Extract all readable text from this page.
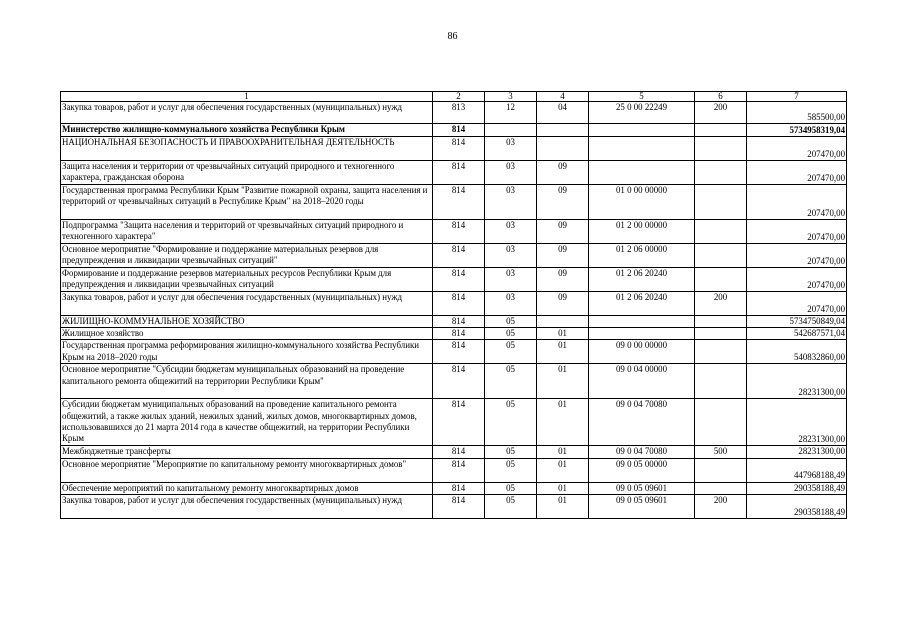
86
1	2	3	4	5	6	7
Закупка товаров, работ и услуг для обеспечения государственных (муниципальных) нужд	813	12	04	25 0 00 22249	200	585500,00
Министерство жилищно-коммунального хозяйства Республики Крым	814					5734958319,04
НАЦИОНАЛЬНАЯ БЕЗОПАСНОСТЬ И ПРАВООХРАНИТЕЛЬНАЯ ДЕЯТЕЛЬНОСТЬ	814	03				207470,00
Защита населения и территории от чрезвычайных ситуаций природного и техногенного характера, гражданская оборона	814	03	09			207470,00
Государственная программа Республики Крым "Развитие пожарной охраны, защита населения и территорий от чрезвычайных ситуаций в Республике Крым" на 2018–2020 годы	814	03	09	01 0 00 00000		207470,00
Подпрограмма "Защита населения и территорий от чрезвычайных ситуаций природного и техногенного характера"	814	03	09	01 2 00 00000		207470,00
Основное мероприятие "Формирование и поддержание материальных резервов для предупреждения и ликвидации чрезвычайных ситуаций"	814	03	09	01 2 06 00000		207470,00
Формирование и поддержание резервов материальных ресурсов Республики Крым для предупреждения и ликвидации чрезвычайных ситуаций	814	03	09	01 2 06 20240		207470,00
Закупка товаров, работ и услуг для обеспечения государственных (муниципальных) нужд	814	03	09	01 2 06 20240	200	207470,00
ЖИЛИЩНО-КОММУНАЛЬНОЕ ХОЗЯЙСТВО	814	05				5734750849,04
Жилищное хозяйство	814	05	01			542687571,04
Государственная программа реформирования жилищно-коммунального хозяйства Республики Крым на 2018–2020 годы	814	05	01	09 0 00 00000		540832860,00
Основное мероприятие "Субсидии бюджетам муниципальных образований на проведение капитального ремонта общежитий на территории Республики Крым"	814	05	01	09 0 04 00000		28231300,00
Субсидии бюджетам муниципальных образований на проведение капитального ремонта общежитий, а также жилых зданий, нежилых зданий, жилых домов, многоквартирных домов, использовавшихся до 21 марта 2014 года в качестве общежитий, на территории Республики Крым	814	05	01	09 0 04 70080		28231300,00
Межбюджетные трансферты	814	05	01	09 0 04 70080	500	28231300,00
Основное мероприятие "Мероприятие по капитальному ремонту многоквартирных домов"	814	05	01	09 0 05 00000		447968188,49
Обеспечение мероприятий по капитальному ремонту многоквартирных домов	814	05	01	09 0 05 09601		290358188,49
Закупка товаров, работ и услуг для обеспечения государственных (муниципальных) нужд	814	05	01	09 0 05 09601	200	290358188,49
